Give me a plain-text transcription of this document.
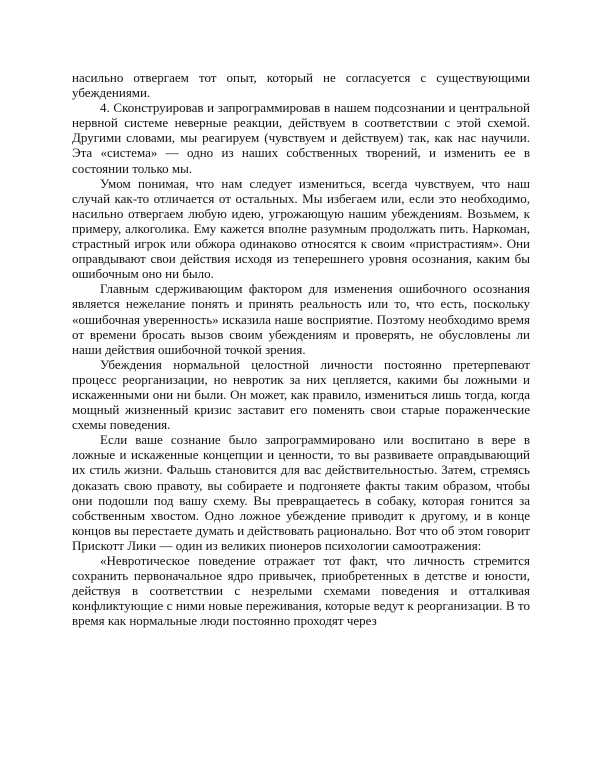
насильно отвергаем тот опыт, который не согласуется с существующими убеждениями.

4. Сконструировав и запрограммировав в нашем подсознании и центральной нервной системе неверные реакции, действуем в соответствии с этой схемой. Другими словами, мы реагируем (чувствуем и действуем) так, как нас научили. Эта «система» — одно из наших собственных творений, и изменить ее в состоянии только мы.

Умом понимая, что нам следует измениться, всегда чувствуем, что наш случай как-то отличается от остальных. Мы избегаем или, если это необходимо, насильно отвергаем любую идею, угрожающую нашим убеждениям. Возьмем, к примеру, алкоголика. Ему кажется вполне разумным продолжать пить. Наркоман, страстный игрок или обжора одинаково относятся к своим «пристрастиям». Они оправдывают свои действия исходя из теперешнего уровня осознания, каким бы ошибочным оно ни было.

Главным сдерживающим фактором для изменения ошибочного осознания является нежелание понять и принять реальность или то, что есть, поскольку «ошибочная уверенность» исказила наше восприятие. Поэтому необходимо время от времени бросать вызов своим убеждениям и проверять, не обусловлены ли наши действия ошибочной точкой зрения.

Убеждения нормальной целостной личности постоянно претерпевают процесс реорганизации, но невротик за них цепляется, какими бы ложными и искаженными они ни были. Он может, как правило, измениться лишь тогда, когда мощный жизненный кризис заставит его поменять свои старые пораженческие схемы поведения.

Если ваше сознание было запрограммировано или воспитано в вере в ложные и искаженные концепции и ценности, то вы развиваете оправдывающий их стиль жизни. Фальшь становится для вас действительностью. Затем, стремясь доказать свою правоту, вы собираете и подгоняете факты таким образом, чтобы они подошли под вашу схему. Вы превращаетесь в собаку, которая гонится за собственным хвостом. Одно ложное убеждение приводит к другому, и в конце концов вы перестаете думать и действовать рационально. Вот что об этом говорит Прискотт Лики — один из великих пионеров психологии самоотражения:

«Невротическое поведение отражает тот факт, что личность стремится сохранить первоначальное ядро привычек, приобретенных в детстве и юности, действуя в соответствии с незрелыми схемами поведения и отталкивая конфликтующие с ними новые переживания, которые ведут к реорганизации. В то время как нормальные люди постоянно проходят через
